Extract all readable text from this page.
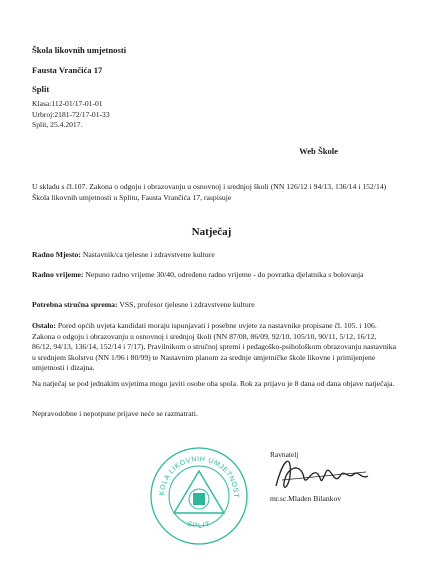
Škola likovnih umjetnosti
Fausta Vrančića 17
Split
Klasa:112-01/17-01-01
Urbroj:2181-72/17-01-33
Split, 25.4.2017.
Web Škole
U skladu s čl.107. Zakona o odgoju i obrazovanju u osnovnoj i srednjoj školi (NN 126/12 i 94/13, 136/14 i 152/14) Škola likovnih umjetnosti u Splitu, Fausta Vrančića 17, raspisuje
Natječaj
Radno Mjesto: Nastavnik/ca tjelesne i zdravstvene kulture
Radno vrijeme: Nepuno radno vrijeme 30/40, određeno radno vrijeme - do povratka djelatnika s bolovanja
Potrebna stručna sprema: VSS, profesor tjelesne i zdravstvene kulture
Ostalo: Pored općih uvjeta kandidati moraju ispunjavati i posebne uvjete za nastavnike propisane čl. 105. i 106. Zakona o odgoju i obrazovanju u osnovnoj i srednjoj školi (NN 87/08, 86/09, 92/10, 105/10, 90/11, 5/12, 16/12, 86/12, 94/13, 136/14, 152/14 i 7/17), Pravilnikom o stručnoj spremi i pedagoško-psihološkom obrazovanju nastavnika u srednjem školstvu (NN 1/96 i 80/99) te Nastavnim planom za srednje umjetničke škole likovne i primijenjene umjetnosti i dizajna.
Na natječaj se pod jednakim uvjetima mogu javiti osobe oba spola. Rok za prijavu je 8 dana od dana objave natječaja.
Nepravodobne i nepotpune prijave neće se razmatrati.
KOLA LIKOVNIH UMJETNOST
SPLIT
Ravnatelj
mr.sc.Mladen Bilankov
